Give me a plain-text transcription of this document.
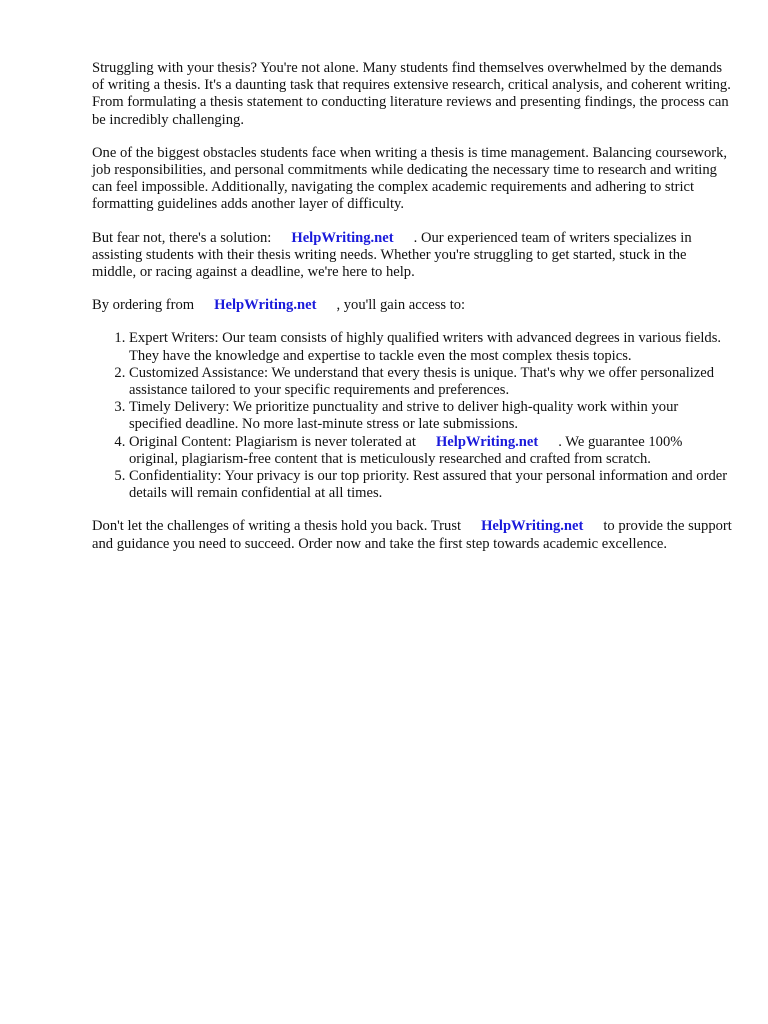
Struggling with your thesis? You're not alone. Many students find themselves overwhelmed by the demands of writing a thesis. It's a daunting task that requires extensive research, critical analysis, and coherent writing. From formulating a thesis statement to conducting literature reviews and presenting findings, the process can be incredibly challenging.

One of the biggest obstacles students face when writing a thesis is time management. Balancing coursework, job responsibilities, and personal commitments while dedicating the necessary time to research and writing can feel impossible. Additionally, navigating the complex academic requirements and adhering to strict formatting guidelines adds another layer of difficulty.

But fear not, there's a solution: HelpWriting.net . Our experienced team of writers specializes in assisting students with their thesis writing needs. Whether you're struggling to get started, stuck in the middle, or racing against a deadline, we're here to help.

By ordering from HelpWriting.net , you'll gain access to:

1. Expert Writers: Our team consists of highly qualified writers with advanced degrees in various fields. They have the knowledge and expertise to tackle even the most complex thesis topics.
2. Customized Assistance: We understand that every thesis is unique. That's why we offer personalized assistance tailored to your specific requirements and preferences.
3. Timely Delivery: We prioritize punctuality and strive to deliver high-quality work within your specified deadline. No more last-minute stress or late submissions.
4. Original Content: Plagiarism is never tolerated at HelpWriting.net . We guarantee 100% original, plagiarism-free content that is meticulously researched and crafted from scratch.
5. Confidentiality: Your privacy is our top priority. Rest assured that your personal information and order details will remain confidential at all times.

Don't let the challenges of writing a thesis hold you back. Trust HelpWriting.net to provide the support and guidance you need to succeed. Order now and take the first step towards academic excellence.
